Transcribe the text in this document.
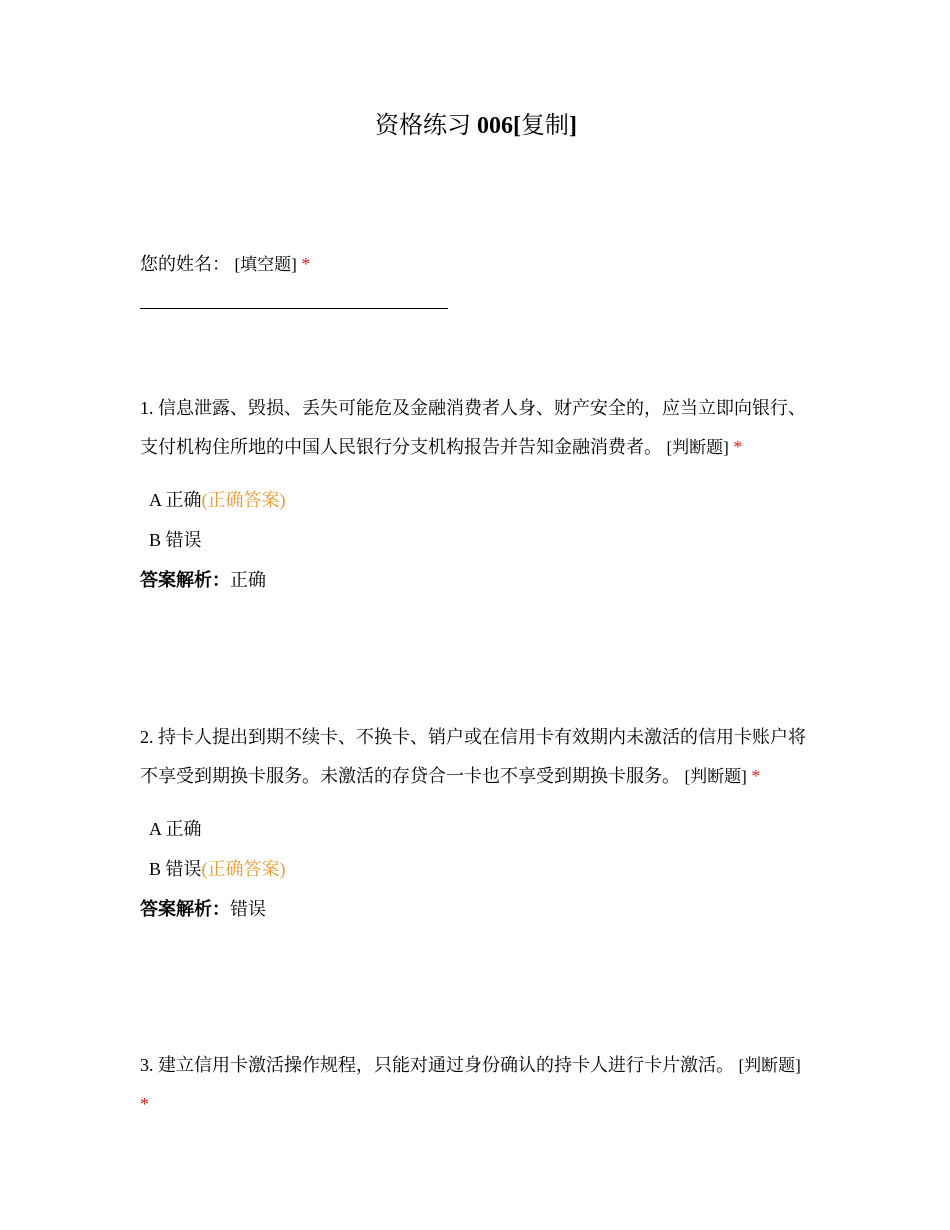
资格练习 006[复制]
您的姓名： [填空题] *

1. 信息泄露、毁损、丢失可能危及金融消费者人身、财产安全的，应当立即向银行、支付机构住所地的中国人民银行分支机构报告并告知金融消费者。 [判断题] *

A 正确(正确答案)

B 错误

答案解析：正确

2. 持卡人提出到期不续卡、不换卡、销户或在信用卡有效期内未激活的信用卡账户将不享受到期换卡服务。未激活的存贷合一卡也不享受到期换卡服务。 [判断题] *

A 正确

B 错误(正确答案)

答案解析：错误

3. 建立信用卡激活操作规程，只能对通过身份确认的持卡人进行卡片激活。 [判断题] *
